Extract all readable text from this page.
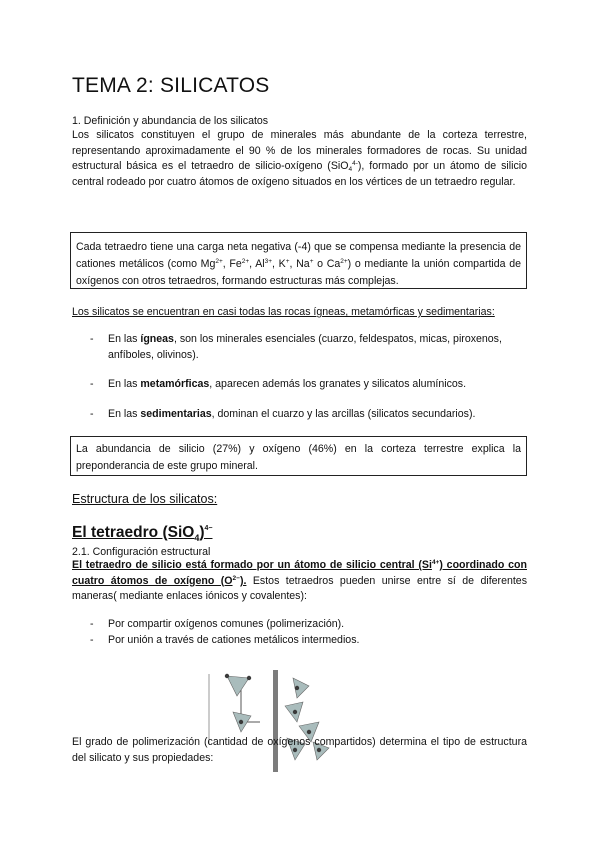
TEMA 2: SILICATOS
1. Definición y abundancia de los silicatos
Los silicatos constituyen el grupo de minerales más abundante de la corteza terrestre, representando aproximadamente el 90 % de los minerales formadores de rocas. Su unidad estructural básica es el tetraedro de silicio-oxígeno (SiO$_4^{4-}$), formado por un átomo de silicio central rodeado por cuatro átomos de oxígeno situados en los vértices de un tetraedro regular.
Cada tetraedro tiene una carga neta negativa (-4) que se compensa mediante la presencia de cationes metálicos (como $Mg^{2+}$, $Fe^{2+}$, $Al^{3+}$, K+, Na+ o $Ca^{2+}$) o mediante la unión compartida de oxígenos con otros tetraedros, formando estructuras más complejas.
Los silicatos se encuentran en casi todas las rocas ígneas, metamórficas y sedimentarias:
- En las ígneas, son los minerales esenciales (cuarzo, feldespatos, micas, piroxenos, anfíboles, olivinos).
- En las metamórficas, aparecen además los granates y silicatos alumínicos.
- En las sedimentarias, dominan el cuarzo y las arcillas (silicatos secundarios).
La abundancia de silicio (27%) y oxígeno (46%) en la corteza terrestre explica la preponderancia de este grupo mineral.
Estructura de los silicatos:
El tetraedro $(SiO_4)^{4-}$
2.1. Configuración estructural
El tetraedro de silicio está formado por un átomo de silicio central $(Si^{4+})$ coordinado con cuatro átomos de oxígeno $(O^{2-})$. Estos tetraedros pueden unirse entre sí de diferentes maneras( mediante enlaces iónicos y covalentes):
- Por compartir oxígenos comunes (polimerización).
- Por unión a través de cationes metálicos intermedios.
El grado de polimerización (cantidad de oxígenos compartidos) determina el tipo de estructura del silicato y sus propiedades:
